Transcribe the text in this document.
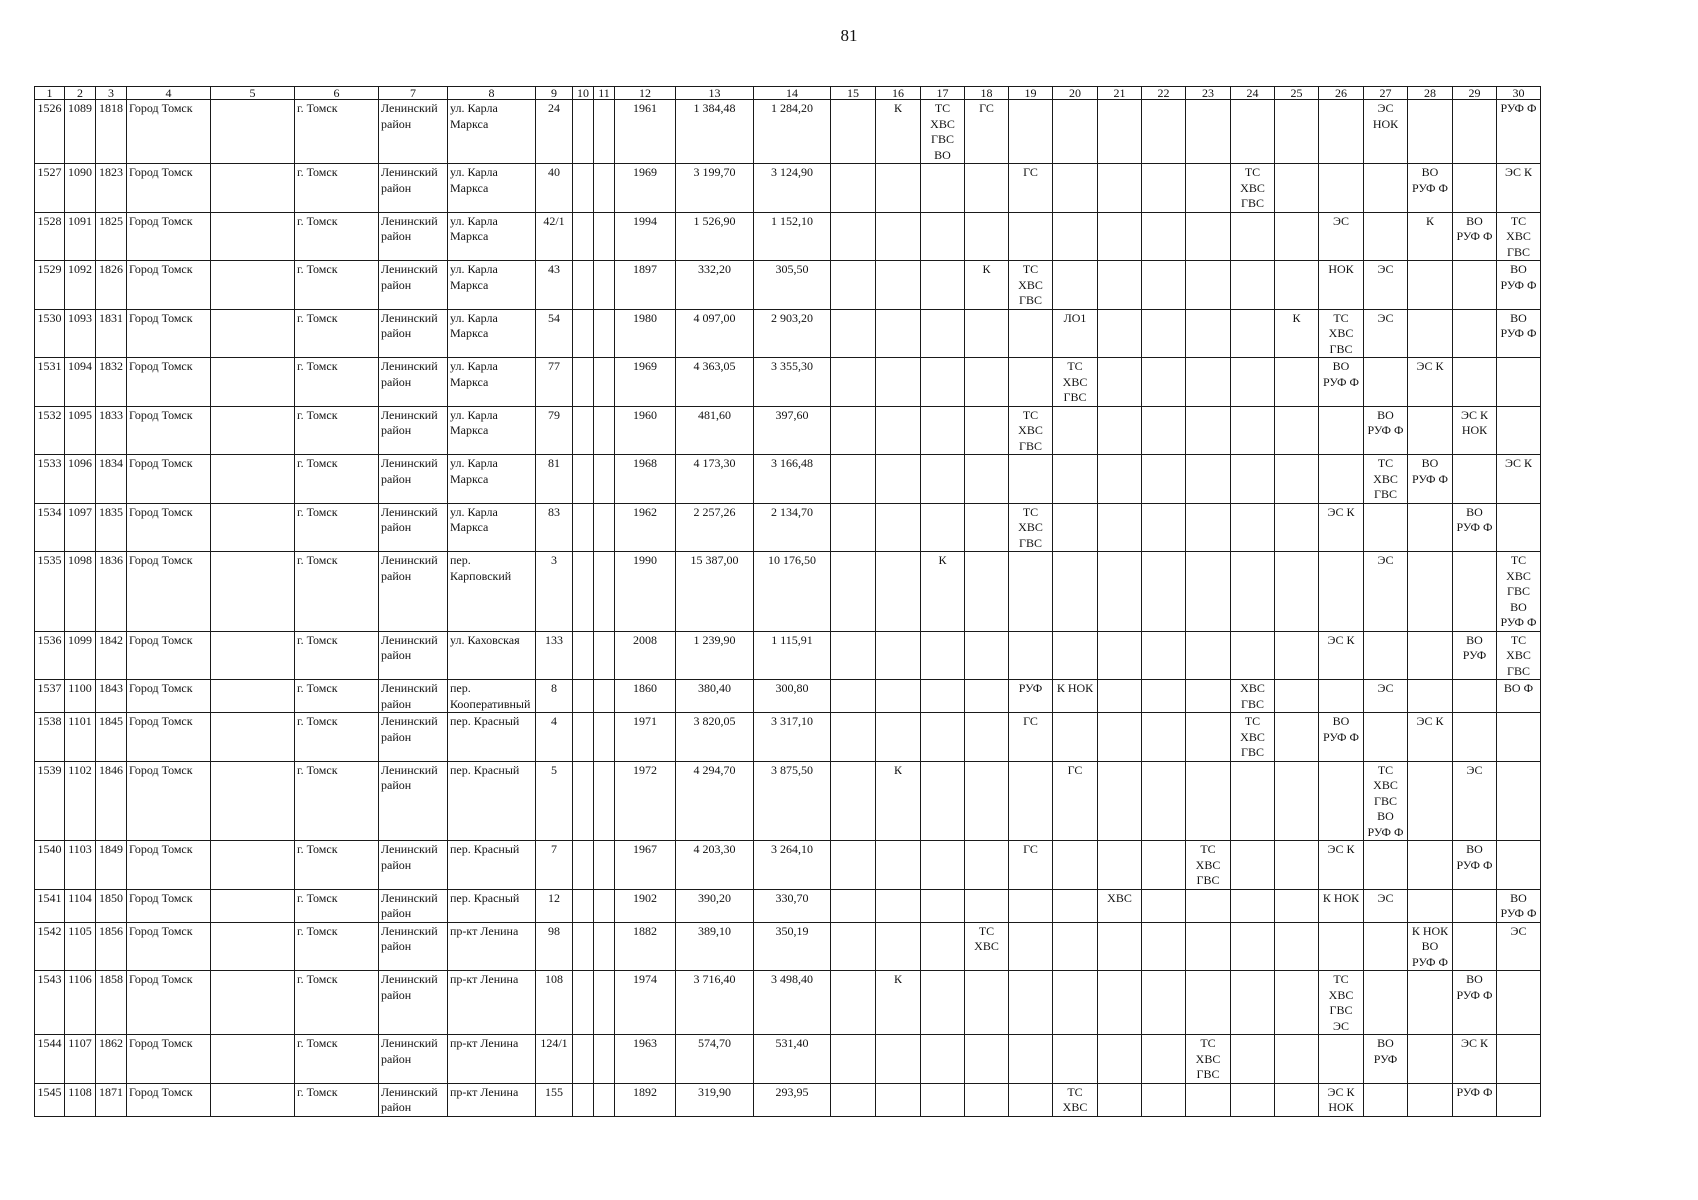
81
1	2	3	4	5	6	7	8	9	10	11	12	13	14	15	16	17	18	19	20	21	22	23	24	25	26	27	28	29	30
1526	1089	1818	Город Томск		г. Томск	Ленинский район	ул. Карла Маркса	24			1961	1 384,48	1 284,20		К	ТС ХВС ГВС ВО	ГС									ЭС НОК			РУФ Ф
1527	1090	1823	Город Томск		г. Томск	Ленинский район	ул. Карла Маркса	40			1969	3 199,70	3 124,90					ГС					ТС ХВС ГВС				ВО РУФ Ф		ЭС К
1528	1091	1825	Город Томск		г. Томск	Ленинский район	ул. Карла Маркса	42/1			1994	1 526,90	1 152,10												ЭС		К	ВО РУФ Ф	ТС ХВС ГВС
1529	1092	1826	Город Томск		г. Томск	Ленинский район	ул. Карла Маркса	43			1897	332,20	305,50				К	ТС ХВС ГВС							НОК	ЭС			ВО РУФ Ф
1530	1093	1831	Город Томск		г. Томск	Ленинский район	ул. Карла Маркса	54			1980	4 097,00	2 903,20						ЛО1					К	ТС ХВС ГВС	ЭС			ВО РУФ Ф
1531	1094	1832	Город Томск		г. Томск	Ленинский район	ул. Карла Маркса	77			1969	4 363,05	3 355,30						ТС ХВС ГВС						ВО РУФ Ф		ЭС К		
1532	1095	1833	Город Томск		г. Томск	Ленинский район	ул. Карла Маркса	79			1960	481,60	397,60					ТС ХВС ГВС								ВО РУФ Ф		ЭС К НОК	
1533	1096	1834	Город Томск		г. Томск	Ленинский район	ул. Карла Маркса	81			1968	4 173,30	3 166,48													ТС ХВС ГВС	ВО РУФ Ф		ЭС К
1534	1097	1835	Город Томск		г. Томск	Ленинский район	ул. Карла Маркса	83			1962	2 257,26	2 134,70					ТС ХВС ГВС							ЭС К			ВО РУФ Ф	
1535	1098	1836	Город Томск		г. Томск	Ленинский район	пер. Карповский	3			1990	15 387,00	10 176,50			К										ЭС			ТС ХВС ГВС ВО РУФ Ф
1536	1099	1842	Город Томск		г. Томск	Ленинский район	ул. Каховская	133			2008	1 239,90	1 115,91												ЭС К			ВО РУФ	ТС ХВС ГВС
1537	1100	1843	Город Томск		г. Томск	Ленинский район	пер. Кооперативный	8			1860	380,40	300,80					РУФ	К НОК				ХВС ГВС			ЭС			ВО Ф
1538	1101	1845	Город Томск		г. Томск	Ленинский район	пер. Красный	4			1971	3 820,05	3 317,10					ГС					ТС ХВС ГВС		ВО РУФ Ф		ЭС К		
1539	1102	1846	Город Томск		г. Томск	Ленинский район	пер. Красный	5			1972	4 294,70	3 875,50		К				ГС							ТС ХВС ГВС ВО РУФ Ф		ЭС	
1540	1103	1849	Город Томск		г. Томск	Ленинский район	пер. Красный	7			1967	4 203,30	3 264,10					ГС				ТС ХВС ГВС			ЭС К			ВО РУФ Ф	
1541	1104	1850	Город Томск		г. Томск	Ленинский район	пер. Красный	12			1902	390,20	330,70							ХВС					К НОК	ЭС			ВО РУФ Ф
1542	1105	1856	Город Томск		г. Томск	Ленинский район	пр-кт Ленина	98			1882	389,10	350,19				ТС ХВС										К НОК ВО РУФ Ф		ЭС
1543	1106	1858	Город Томск		г. Томск	Ленинский район	пр-кт Ленина	108			1974	3 716,40	3 498,40		К										ТС ХВС ГВС ЭС			ВО РУФ Ф	
1544	1107	1862	Город Томск		г. Томск	Ленинский район	пр-кт Ленина	124/1			1963	574,70	531,40									ТС ХВС ГВС				ВО РУФ		ЭС К	
1545	1108	1871	Город Томск		г. Томск	Ленинский район	пр-кт Ленина	155			1892	319,90	293,95						ТС ХВС						ЭС К НОК			РУФ Ф	
